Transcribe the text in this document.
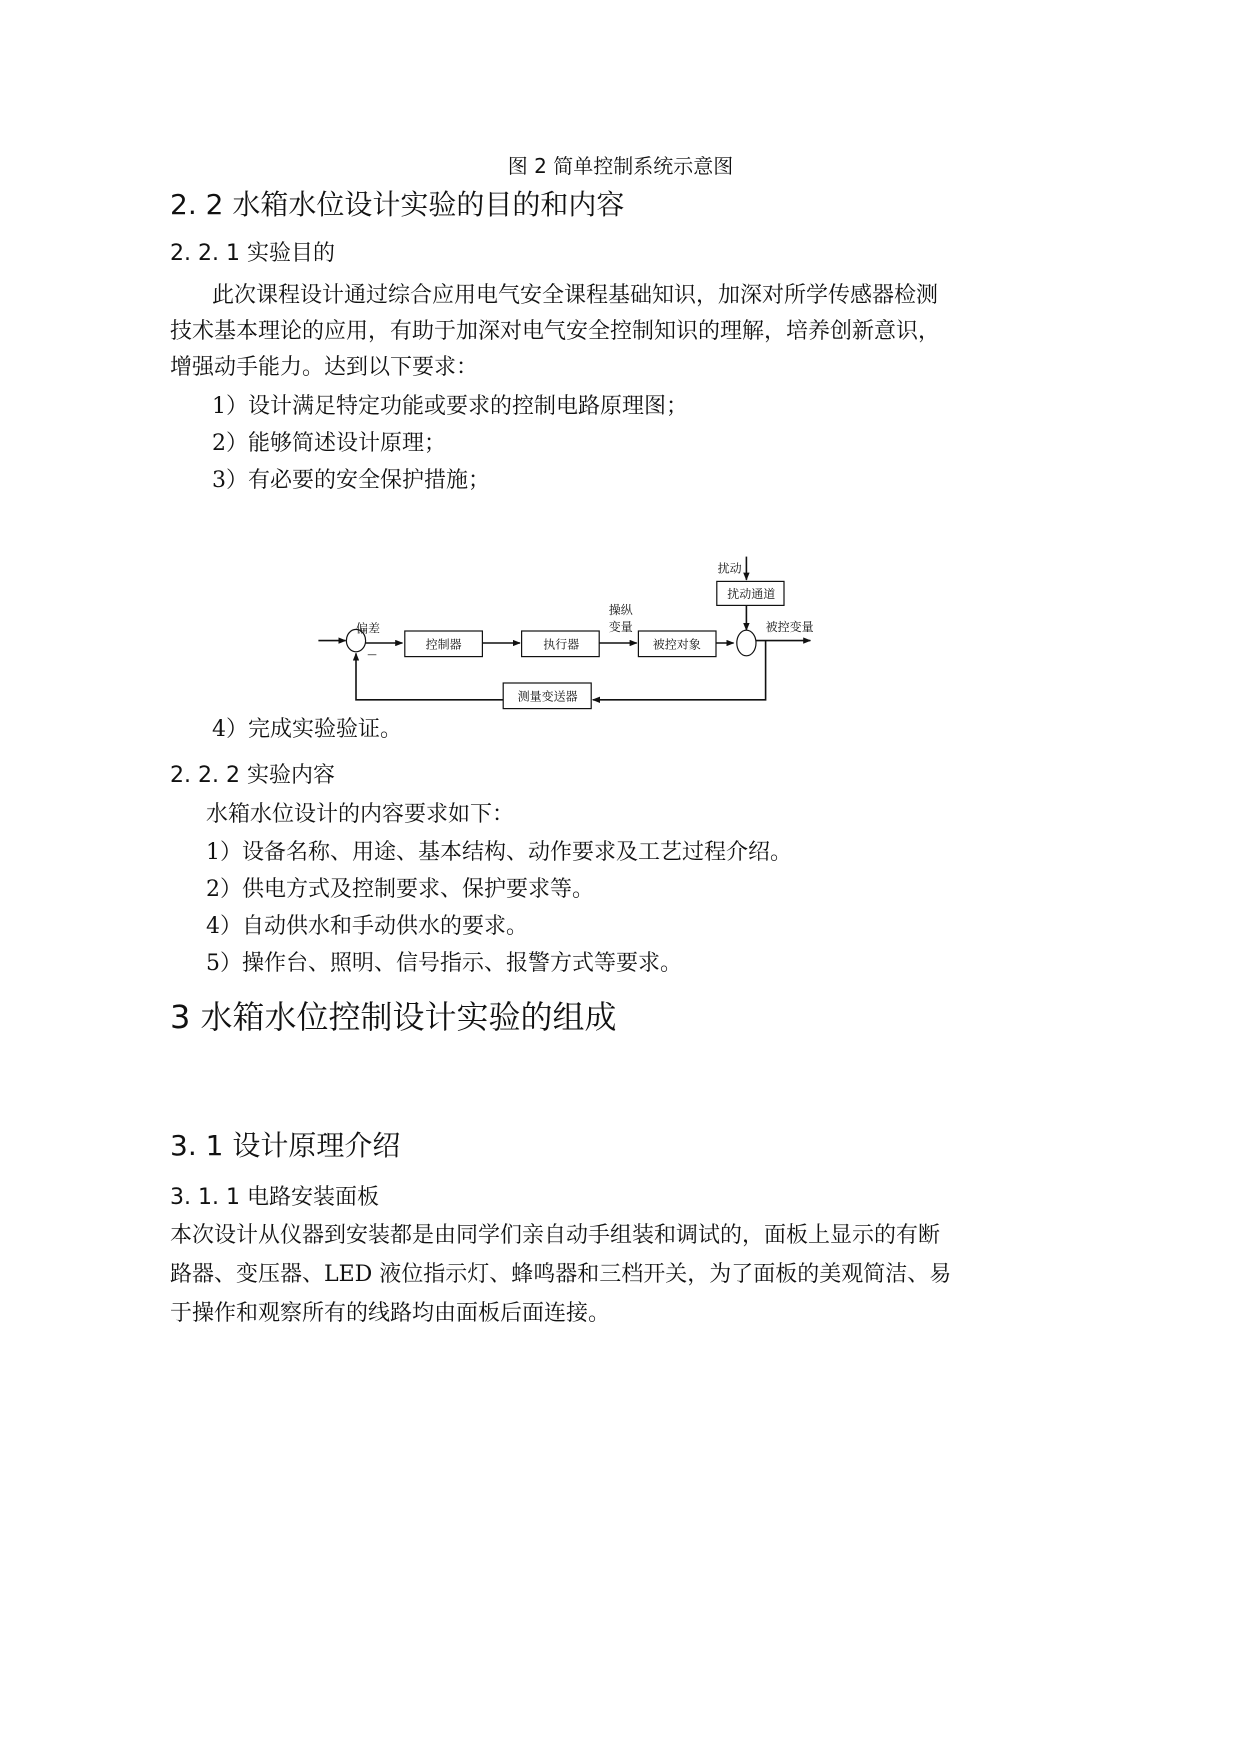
图 2 简单控制系统示意图
2. 2 水箱水位设计实验的目的和内容
2. 2. 1 实验目的
此次课程设计通过综合应用电气安全课程基础知识，加深对所学传感器检测
技术基本理论的应用，有助于加深对电气安全控制知识的理解，培养创新意识，
增强动手能力。达到以下要求：
1）设计满足特定功能或要求的控制电路原理图；
2）能够简述设计原理；
3）有必要的安全保护措施；
扰动
扰动通道
偏差
—
控制器	执行器
操纵
变量
被控对象
被控变量
测量变送器
4）完成实验验证。
2. 2. 2 实验内容
水箱水位设计的内容要求如下：
1）设备名称、用途、基本结构、动作要求及工艺过程介绍。
2）供电方式及控制要求、保护要求等。
4）自动供水和手动供水的要求。
5）操作台、照明、信号指示、报警方式等要求。
3 水箱水位控制设计实验的组成
3. 1 设计原理介绍
3. 1. 1 电路安装面板
本次设计从仪器到安装都是由同学们亲自动手组装和调试的，面板上显示的有断
路器、变压器、LED 液位指示灯、蜂鸣器和三档开关，为了面板的美观简洁、易
于操作和观察所有的线路均由面板后面连接。
